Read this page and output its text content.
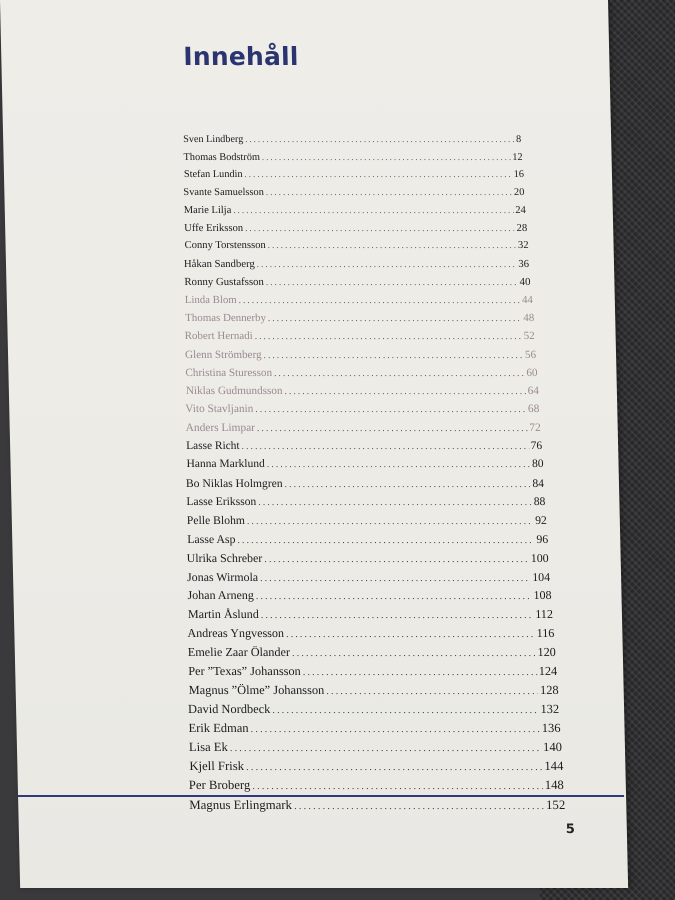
Innehåll
Sven Lindberg .....	8
Thomas Bodström .....	12
Stefan Lundin .....	16
Svante Samuelsson .....	20
Marie Lilja .....	24
Uffe Eriksson .....	28
Conny Torstensson .....	32
Håkan Sandberg .....	36
Ronny Gustafsson .....	40
Linda Blom .....	44
Thomas Dennerby .....	48
Robert Hernadi .....	52
Glenn Strömberg .....	56
Christina Sturesson .....	60
Niklas Gudmundsson .....	64
Vito Stavljanin .....	68
Anders Limpar .....	72
Lasse Richt .....	76
Hanna Marklund .....	80
Bo Niklas Holmgren .....	84
Lasse Eriksson .....	88
Pelle Blohm .....	92
Lasse Asp .....	96
Ulrika Schreber .....	100
Jonas Wirmola .....	104
Johan Arneng .....	108
Martin Åslund .....	112
Andreas Yngvesson .....	116
Emelie Zaar Ölander .....	120
Per ”Texas” Johansson .....	124
Magnus ”Ölme” Johansson .....	128
David Nordbeck .....	132
Erik Edman .....	136
Lisa Ek .....	140
Kjell Frisk .....	144
Per Broberg .....	148
Magnus Erlingmark .....	152
5
